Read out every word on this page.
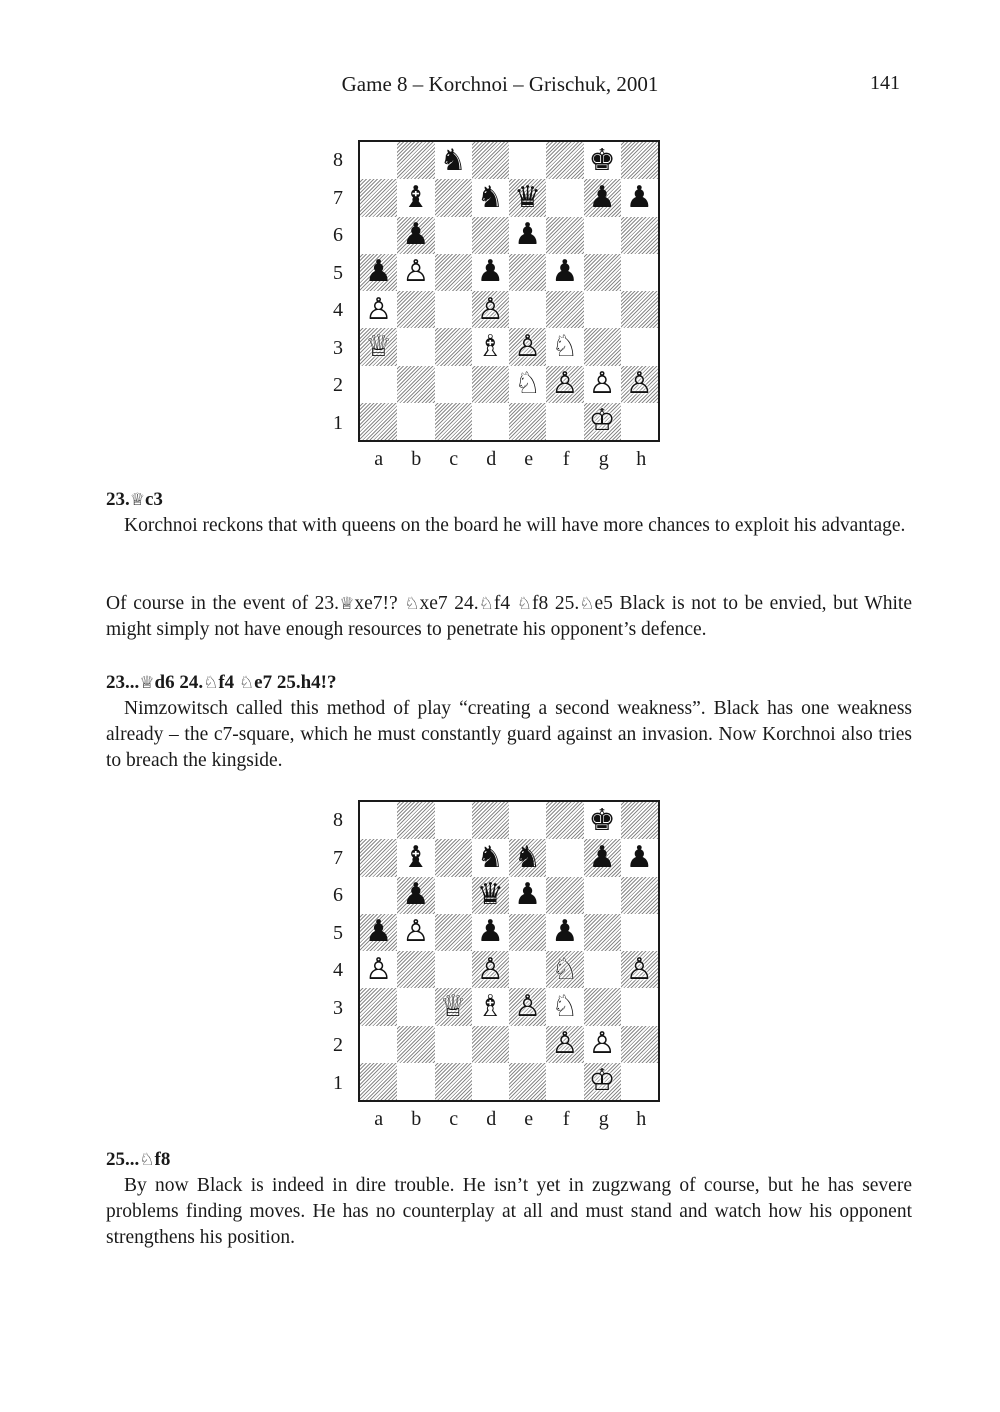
Game 8 – Korchnoi – Grischuk, 2001	141
8
7
6
5
4
3
2
1
♞	♚
♝ ♞ ♛ ♟ ♟
♟	♟
♟ ♙ ♟ ♟
♙	♙
♕	♗ ♙ ♘
♘ ♙ ♙ ♙
♔
a	b	c	d	e	f	g	h

23.♕c3

Korchnoi reckons that with queens on the board he will have more chances to exploit his advantage.

Of course in the event of 23.♕xe7!? ♘xe7 24.♘f4 ♘f8 25.♘e5 Black is not to be envied, but White might simply not have enough resources to penetrate his opponent’s defence.

23...♕d6 24.♘f4 ♘e7 25.h4!?

Nimzowitsch called this method of play “creating a second weakness”. Black has one weakness already – the c7-square, which he must constantly guard against an invasion. Now Korchnoi also tries to breach the kingside.

8
7
6
5
4
3
2
1
♚
♝ ♞ ♞ ♟ ♟
♟ ♛ ♟
♟ ♙ ♟ ♟
♙	♙ ♘ ♙
♕ ♗ ♙ ♘
♙ ♙
♔
a	b	c	d	e	f	g	h

25...♘f8

By now Black is indeed in dire trouble. He isn’t yet in zugzwang of course, but he has severe problems finding moves. He has no counterplay at all and must stand and watch how his opponent strengthens his position.
